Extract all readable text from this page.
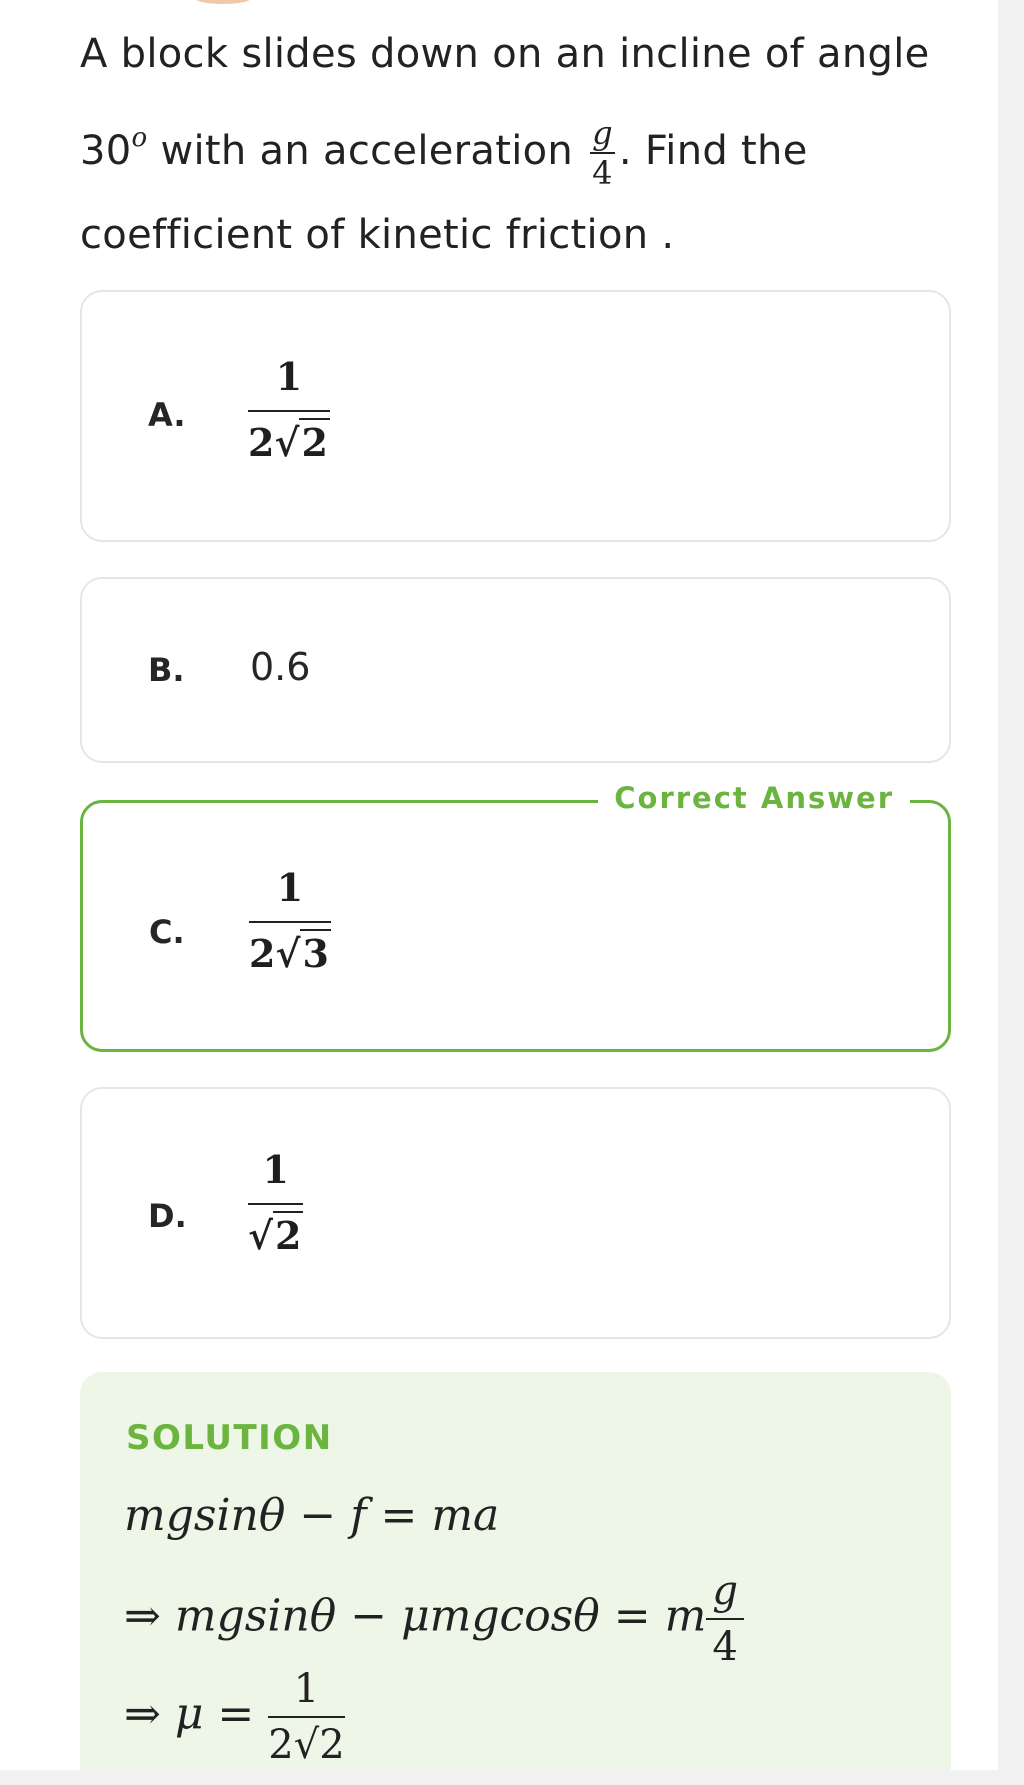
A block slides down on an incline of angle 30$^o$ with an acceleration $\frac{g}{4}$ . Find the coefficient of kinetic friction .
A. $\frac{1}{2√2}$
B. 0.6
Correct Answer
C. $\frac{1}{2√3}$
D. $\frac{1}{√2}$
SOLUTION
mgsinθ − f = ma
⇒ mgsinθ − μmgcosθ = m $\frac{g}{4}$
⇒ $\mu = \frac{1}{2√2}$
